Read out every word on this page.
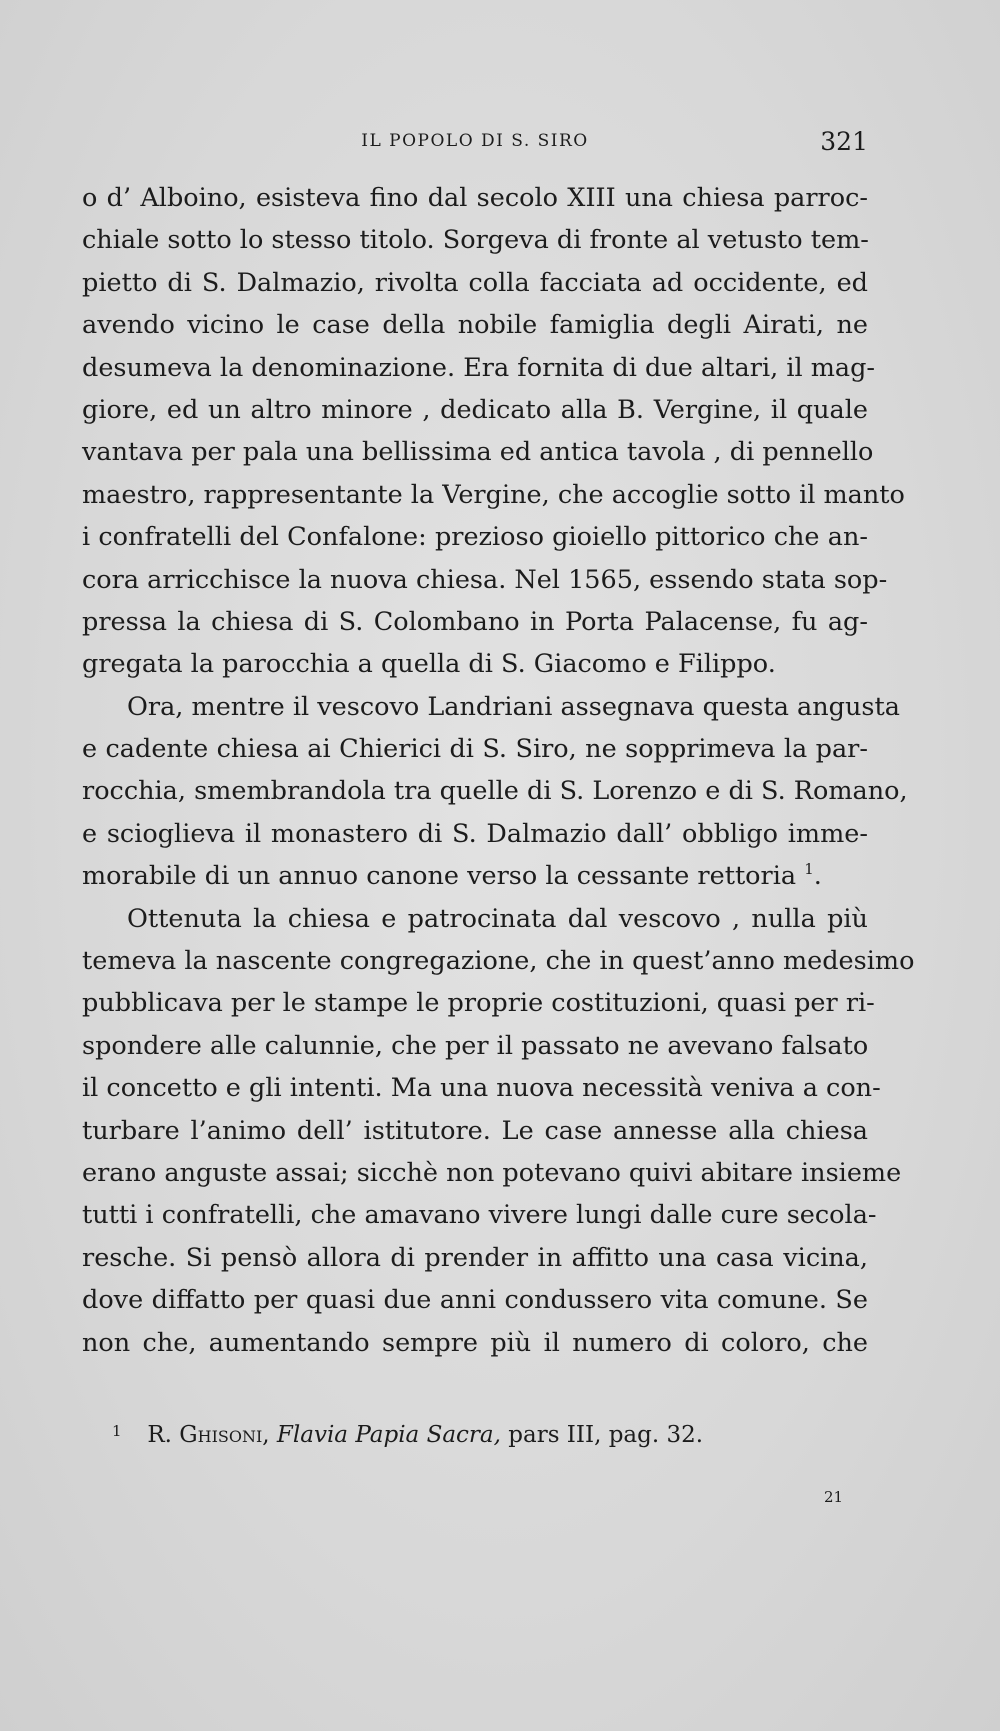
IL POPOLO DI S. SIRO	321
o d’ Alboino, esisteva fino dal secolo XIII una chiesa parroc-
chiale sotto lo stesso titolo. Sorgeva di fronte al vetusto tem-
pietto di S. Dalmazio, rivolta colla facciata ad occidente, ed
avendo vicino le case della nobile famiglia degli Airati, ne
desumeva la denominazione. Era fornita di due altari, il mag-
giore, ed un altro minore , dedicato alla B. Vergine, il quale
vantava per pala una bellissima ed antica tavola , di pennello
maestro, rappresentante la Vergine, che accoglie sotto il manto
i confratelli del Confalone: prezioso gioiello pittorico che an-
cora arricchisce la nuova chiesa. Nel 1565, essendo stata sop-
pressa la chiesa di S. Colombano in Porta Palacense, fu ag-
gregata la parocchia a quella di S. Giacomo e Filippo.
Ora, mentre il vescovo Landriani assegnava questa angusta
e cadente chiesa ai Chierici di S. Siro, ne sopprimeva la par-
rocchia, smembrandola tra quelle di S. Lorenzo e di S. Romano,
e scioglieva il monastero di S. Dalmazio dall’ obbligo imme-
morabile di un annuo canone verso la cessante rettoria $^1$.
Ottenuta la chiesa e patrocinata dal vescovo , nulla più
temeva la nascente congregazione, che in quest’anno medesimo
pubblicava per le stampe le proprie costituzioni, quasi per ri-
spondere alle calunnie, che per il passato ne avevano falsato
il concetto e gli intenti. Ma una nuova necessità veniva a con-
turbare l’animo dell’ istitutore. Le case annesse alla chiesa
erano anguste assai; sicchè non potevano quivi abitare insieme
tutti i confratelli, che amavano vivere lungi dalle cure secola-
resche. Si pensò allora di prender in affitto una casa vicina,
dove diffatto per quasi due anni condussero vita comune. Se
non che, aumentando sempre più il numero di coloro, che
1 R. Ghisoni, Flavia Papia Sacra, pars III, pag. 32.
21
